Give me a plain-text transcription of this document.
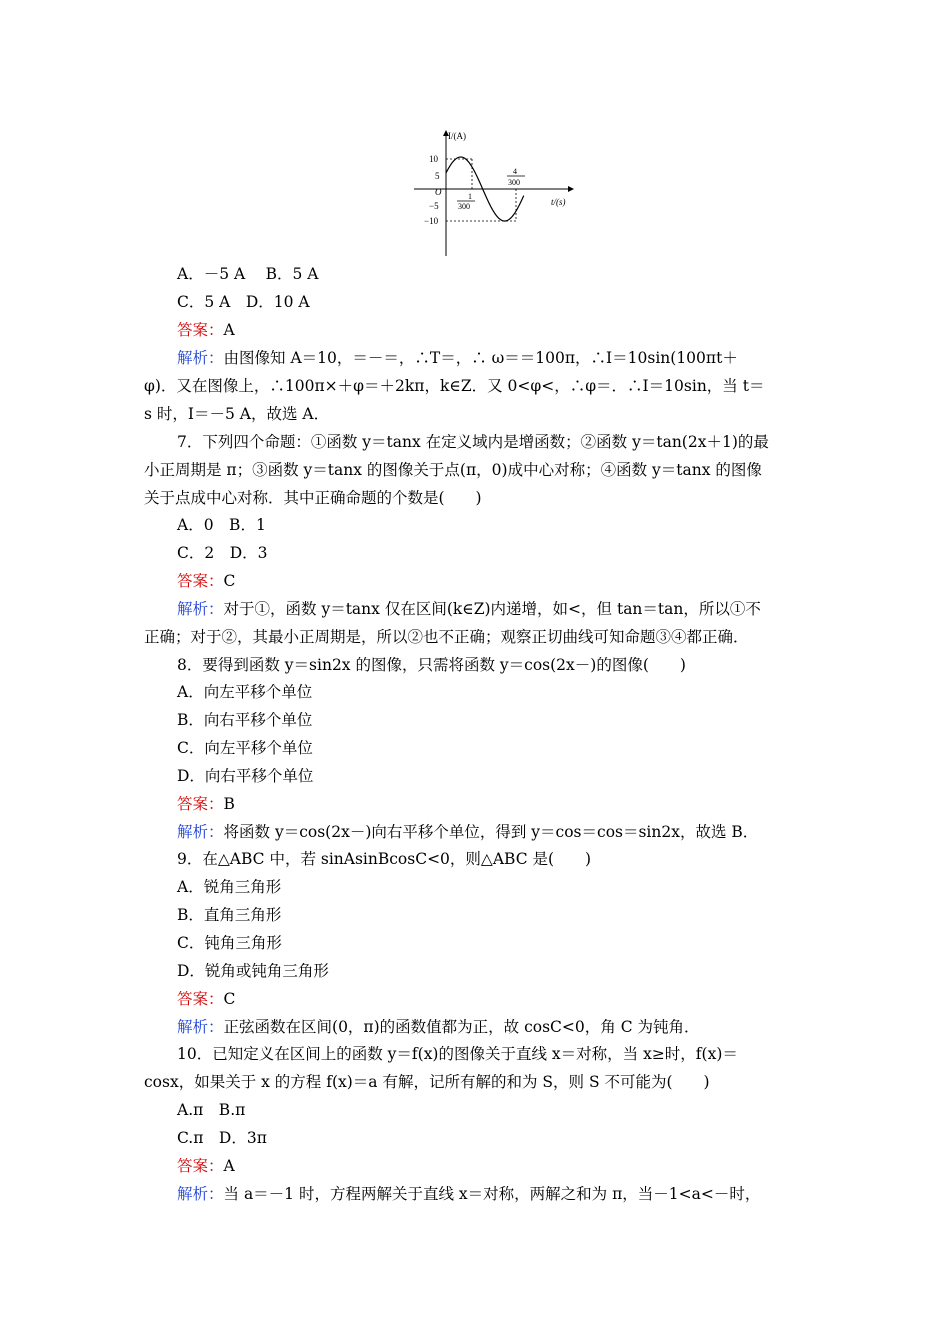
I/(A)
t/(s)
10
5
O
−5
−10
1
300
4
300
A．－5 A　 B．5 A
C．5 A　D．10 A
答案：A
解析：由图像知 A＝10，＝－＝，∴T＝，∴ ω＝＝100π，∴I＝10sin(100πt＋
φ)．又在图像上，∴100π×＋φ＝＋2kπ，k∈Z．又 0<φ<，∴φ＝．∴I＝10sin，当 t＝
s 时，I＝－5 A，故选 A．
7．下列四个命题：①函数 y＝tanx 在定义域内是增函数；②函数 y＝tan(2x＋1)的最
小正周期是 π；③函数 y＝tanx 的图像关于点(π，0)成中心对称；④函数 y＝tanx 的图像
关于点成中心对称．其中正确命题的个数是(　　)
A．0　B．1
C．2　D．3
答案：C
解析：对于①，函数 y＝tanx 仅在区间(k∈Z)内递增，如<，但 tan＝tan，所以①不
正确；对于②，其最小正周期是，所以②也不正确；观察正切曲线可知命题③④都正确．
8．要得到函数 y＝sin2x 的图像，只需将函数 y＝cos(2x－)的图像(　　)
A．向左平移个单位
B．向右平移个单位
C．向左平移个单位
D．向右平移个单位
答案：B
解析：将函数 y＝cos(2x－)向右平移个单位，得到 y＝cos＝cos＝sin2x，故选 B．
9．在△ABC 中，若 sinAsinBcosC<0，则△ABC 是(　　)
A．锐角三角形
B．直角三角形
C．钝角三角形
D．锐角或钝角三角形
答案：C
解析：正弦函数在区间(0，π)的函数值都为正，故 cosC<0，角 C 为钝角．
10．已知定义在区间上的函数 y＝f(x)的图像关于直线 x＝对称，当 x≥时，f(x)＝
cosx，如果关于 x 的方程 f(x)＝a 有解，记所有解的和为 S，则 S 不可能为(　　)
A.π　B.π
C.π　D．3π
答案：A
解析：当 a＝－1 时，方程两解关于直线 x＝对称，两解之和为 π，当－1<a<－时，
